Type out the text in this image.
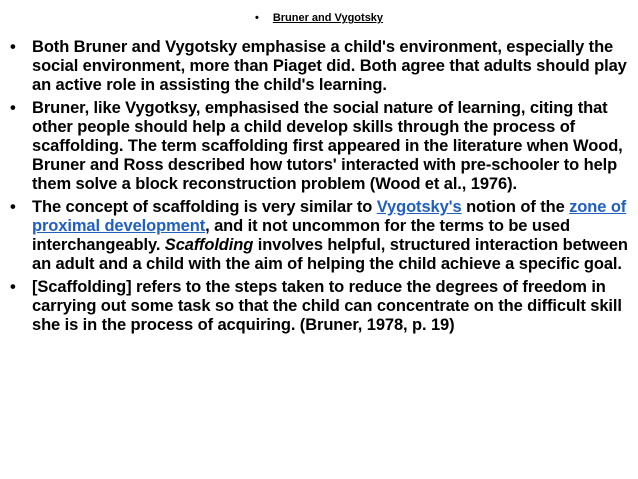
• Bruner and Vygotsky
• Both Bruner and Vygotsky emphasise a child's environment, especially the social environment, more than Piaget did. Both agree that adults should play an active role in assisting the child's learning.
• Bruner, like Vygotksy, emphasised the social nature of learning, citing that other people should help a child develop skills through the process of scaffolding. The term scaffolding first appeared in the literature when Wood, Bruner and Ross described how tutors' interacted with pre-schooler to help them solve a block reconstruction problem (Wood et al., 1976).
• The concept of scaffolding is very similar to Vygotsky's notion of the zone of proximal development, and it not uncommon for the terms to be used interchangeably. Scaffolding involves helpful, structured interaction between an adult and a child with the aim of helping the child achieve a specific goal.
• [Scaffolding] refers to the steps taken to reduce the degrees of freedom in carrying out some task so that the child can concentrate on the difficult skill she is in the process of acquiring. (Bruner, 1978, p. 19)
